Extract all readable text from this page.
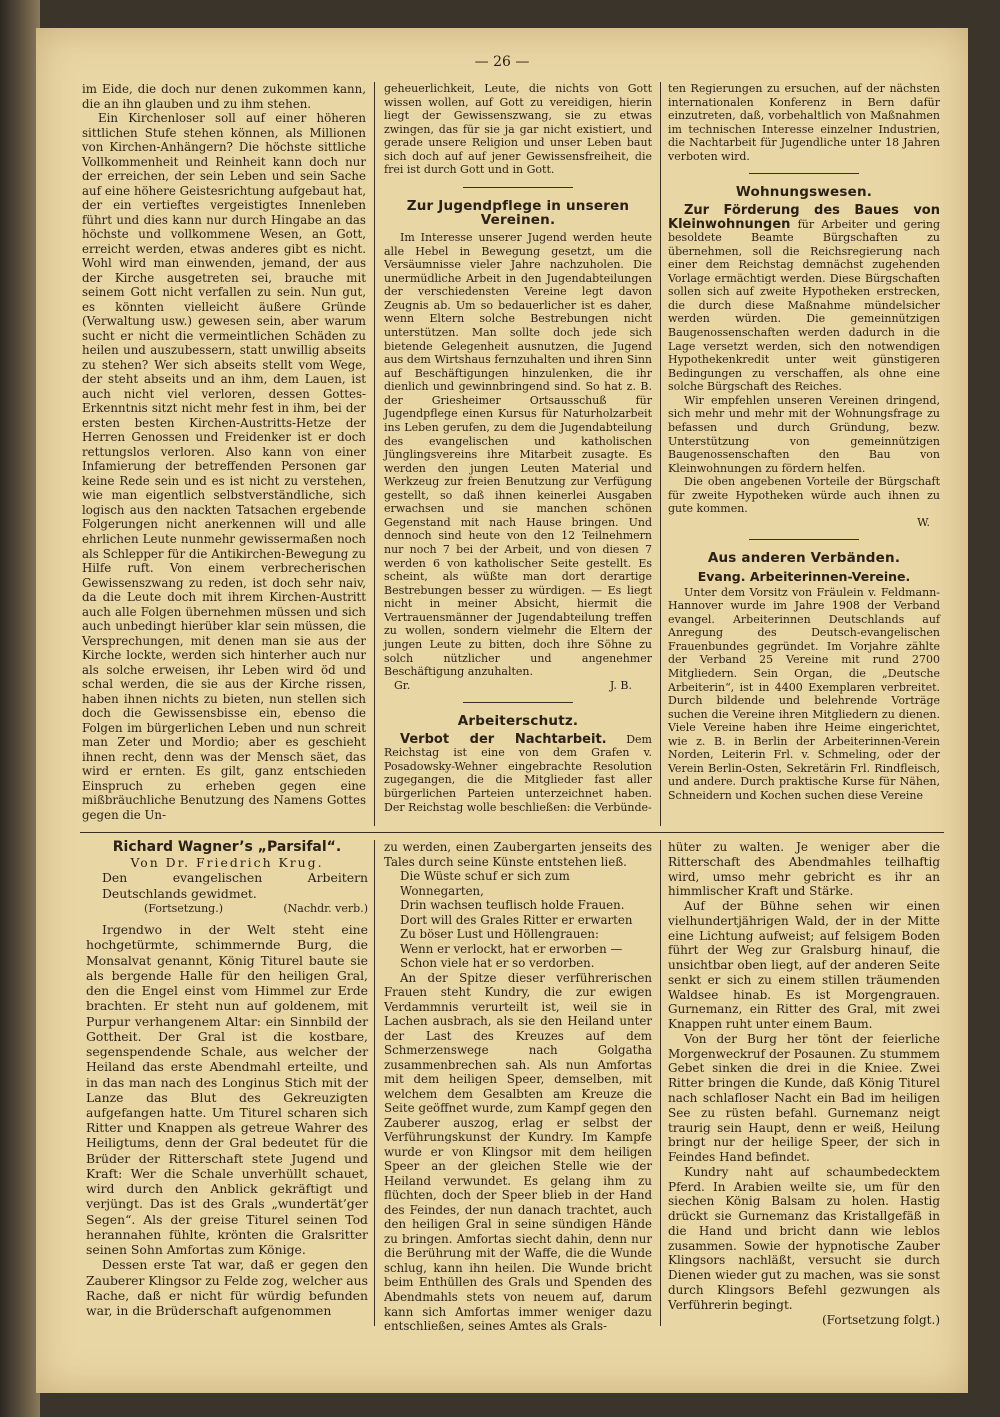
— 26 —

im Eide, die doch nur denen zukommen kann, die an ihn glauben und zu ihm stehen.

Ein Kirchenloser soll auf einer höheren sittlichen Stufe stehen können, als Millionen von Kirchen-Anhängern? Die höchste sittliche Vollkommenheit und Reinheit kann doch nur der erreichen, der sein Leben und sein Sache auf eine höhere Geistesrichtung aufgebaut hat, der ein vertieftes vergeistigtes Innenleben führt und dies kann nur durch Hingabe an das höchste und vollkommene Wesen, an Gott, erreicht werden, etwas anderes gibt es nicht. Wohl wird man einwenden, jemand, der aus der Kirche ausgetreten sei, brauche mit seinem Gott nicht verfallen zu sein. Nun gut, es könnten vielleicht äußere Gründe (Verwaltung usw.) gewesen sein, aber warum sucht er nicht die vermeintlichen Schäden zu heilen und auszubessern, statt unwillig abseits zu stehen? Wer sich abseits stellt vom Wege, der steht abseits und an ihm, dem Lauen, ist auch nicht viel verloren, dessen Gottes-Erkenntnis sitzt nicht mehr fest in ihm, bei der ersten besten Kirchen-Austritts-Hetze der Herren Genossen und Freidenker ist er doch rettungslos verloren. Also kann von einer Infamierung der betreffenden Personen gar keine Rede sein und es ist nicht zu verstehen, wie man eigentlich selbstverständliche, sich logisch aus den nackten Tatsachen ergebende Folgerungen nicht anerkennen will und alle ehrlichen Leute nunmehr gewissermaßen noch als Schlepper für die Antikirchen-Bewegung zu Hilfe ruft. Von einem verbrecherischen Gewissenszwang zu reden, ist doch sehr naiv, da die Leute doch mit ihrem Kirchen-Austritt auch alle Folgen übernehmen müssen und sich auch unbedingt hierüber klar sein müssen, die Versprechungen, mit denen man sie aus der Kirche lockte, werden sich hinterher auch nur als solche erweisen, ihr Leben wird öd und schal werden, die sie aus der Kirche rissen, haben ihnen nichts zu bieten, nun stellen sich doch die Gewissensbisse ein, ebenso die Folgen im bürgerlichen Leben und nun schreit man Zeter und Mordio; aber es geschieht ihnen recht, denn was der Mensch säet, das wird er ernten. Es gilt, ganz entschieden Einspruch zu erheben gegen eine mißbräuchliche Benutzung des Namens Gottes gegen die Un-

geheuerlichkeit, Leute, die nichts von Gott wissen wollen, auf Gott zu vereidigen, hierin liegt der Gewissenszwang, sie zu etwas zwingen, das für sie ja gar nicht existiert, und gerade unsere Religion und unser Leben baut sich doch auf auf jener Gewissensfreiheit, die frei ist durch Gott und in Gott.

Zur Jugendpflege in unseren Vereinen.

Im Interesse unserer Jugend werden heute alle Hebel in Bewegung gesetzt, um die Versäumnisse vieler Jahre nachzuholen. Die unermüdliche Arbeit in den Jugendabteilungen der verschiedensten Vereine legt davon Zeugnis ab. Um so bedauerlicher ist es daher, wenn Eltern solche Bestrebungen nicht unterstützen. Man sollte doch jede sich bietende Gelegenheit ausnutzen, die Jugend aus dem Wirtshaus fernzuhalten und ihren Sinn auf Beschäftigungen hinzulenken, die ihr dienlich und gewinnbringend sind. So hat z. B. der Griesheimer Ortsausschuß für Jugendpflege einen Kursus für Naturholzarbeit ins Leben gerufen, zu dem die Jugendabteilung des evangelischen und katholischen Jünglingsvereins ihre Mitarbeit zusagte. Es werden den jungen Leuten Material und Werkzeug zur freien Benutzung zur Verfügung gestellt, so daß ihnen keinerlei Ausgaben erwachsen und sie manchen schönen Gegenstand mit nach Hause bringen. Und dennoch sind heute von den 12 Teilnehmern nur noch 7 bei der Arbeit, und von diesen 7 werden 6 von katholischer Seite gestellt. Es scheint, als wüßte man dort derartige Bestrebungen besser zu würdigen. — Es liegt nicht in meiner Absicht, hiermit die Vertrauensmänner der Jugendabteilung treffen zu wollen, sondern vielmehr die Eltern der jungen Leute zu bitten, doch ihre Söhne zu solch nützlicher und angenehmer Beschäftigung anzuhalten.

Gr.	J. B.
Arbeiterschutz.

Verbot der Nachtarbeit. Dem Reichstag ist eine von dem Grafen v. Posadowsky-Wehner eingebrachte Resolution zugegangen, die die Mitglieder fast aller bürgerlichen Parteien unterzeichnet haben. Der Reichstag wolle beschließen: die Verbünde-

ten Regierungen zu ersuchen, auf der nächsten internationalen Konferenz in Bern dafür einzutreten, daß, vorbehaltlich von Maßnahmen im technischen Interesse einzelner Industrien, die Nachtarbeit für Jugendliche unter 18 Jahren verboten wird.

Wohnungswesen.

Zur Förderung des Baues von Kleinwohnungen für Arbeiter und gering besoldete Beamte Bürgschaften zu übernehmen, soll die Reichsregierung nach einer dem Reichstag demnächst zugehenden Vorlage ermächtigt werden. Diese Bürgschaften sollen sich auf zweite Hypotheken erstrecken, die durch diese Maßnahme mündelsicher werden würden. Die gemeinnützigen Baugenossenschaften werden dadurch in die Lage versetzt werden, sich den notwendigen Hypothekenkredit unter weit günstigeren Bedingungen zu verschaffen, als ohne eine solche Bürgschaft des Reiches.

Wir empfehlen unseren Vereinen dringend, sich mehr und mehr mit der Wohnungsfrage zu befassen und durch Gründung, bezw. Unterstützung von gemeinnützigen Baugenossenschaften den Bau von Kleinwohnungen zu fördern helfen.

Die oben angebenen Vorteile der Bürgschaft für zweite Hypotheken würde auch ihnen zu gute kommen.

W.
Aus anderen Verbänden.
Evang. Arbeiterinnen-Vereine.

Unter dem Vorsitz von Fräulein v. Feldmann-Hannover wurde im Jahre 1908 der Verband evangel. Arbeiterinnen Deutschlands auf Anregung des Deutsch-evangelischen Frauenbundes gegründet. Im Vorjahre zählte der Verband 25 Vereine mit rund 2700 Mitgliedern. Sein Organ, die „Deutsche Arbeiterin“, ist in 4400 Exemplaren verbreitet. Durch bildende und belehrende Vorträge suchen die Vereine ihren Mitgliedern zu dienen. Viele Vereine haben ihre Heime eingerichtet, wie z. B. in Berlin der Arbeiterinnen-Verein Norden, Leiterin Frl. v. Schmeling, oder der Verein Berlin-Osten, Sekretärin Frl. Rindfleisch, und andere. Durch praktische Kurse für Nähen, Schneidern und Kochen suchen diese Vereine

Richard Wagner’s „Parsifal“.
Von Dr. Friedrich Krug.
Den evangelischen Arbeitern Deutschlands gewidmet.
(Fortsetzung.)	(Nachdr. verb.)

Irgendwo in der Welt steht eine hochgetürmte, schimmernde Burg, die Monsalvat genannt, König Titurel baute sie als bergende Halle für den heiligen Gral, den die Engel einst vom Himmel zur Erde brachten. Er steht nun auf goldenem, mit Purpur verhangenem Altar: ein Sinnbild der Gottheit. Der Gral ist die kostbare, segenspendende Schale, aus welcher der Heiland das erste Abendmahl erteilte, und in das man nach des Longinus Stich mit der Lanze das Blut des Gekreuzigten aufgefangen hatte. Um Titurel scharen sich Ritter und Knappen als getreue Wahrer des Heiligtums, denn der Gral bedeutet für die Brüder der Ritterschaft stete Jugend und Kraft: Wer die Schale unverhüllt schauet, wird durch den Anblick gekräftigt und verjüngt. Das ist des Grals „wundertät’ger Segen“. Als der greise Titurel seinen Tod herannahen fühlte, krönten die Gralsritter seinen Sohn Amfortas zum Könige.

Dessen erste Tat war, daß er gegen den Zauberer Klingsor zu Felde zog, welcher aus Rache, daß er nicht für würdig befunden war, in die Brüderschaft aufgenommen

zu werden, einen Zaubergarten jenseits des Tales durch seine Künste entstehen ließ.

Die Wüste schuf er sich zum Wonnegarten,
Drin wachsen teuflisch holde Frauen.
Dort will des Grales Ritter er erwarten
Zu böser Lust und Höllengrauen:
Wenn er verlockt, hat er erworben —
Schon viele hat er so verdorben.

An der Spitze dieser verführerischen Frauen steht Kundry, die zur ewigen Verdammnis verurteilt ist, weil sie in Lachen ausbrach, als sie den Heiland unter der Last des Kreuzes auf dem Schmerzenswege nach Golgatha zusammenbrechen sah. Als nun Amfortas mit dem heiligen Speer, demselben, mit welchem dem Gesalbten am Kreuze die Seite geöffnet wurde, zum Kampf gegen den Zauberer auszog, erlag er selbst der Verführungskunst der Kundry. Im Kampfe wurde er von Klingsor mit dem heiligen Speer an der gleichen Stelle wie der Heiland verwundet. Es gelang ihm zu flüchten, doch der Speer blieb in der Hand des Feindes, der nun danach trachtet, auch den heiligen Gral in seine sündigen Hände zu bringen. Amfortas siecht dahin, denn nur die Berührung mit der Waffe, die die Wunde schlug, kann ihn heilen. Die Wunde bricht beim Enthüllen des Grals und Spenden des Abendmahls stets von neuem auf, darum kann sich Amfortas immer weniger dazu entschließen, seines Amtes als Grals-

hüter zu walten. Je weniger aber die Ritterschaft des Abendmahles teilhaftig wird, umso mehr gebricht es ihr an himmlischer Kraft und Stärke.

Auf der Bühne sehen wir einen vielhundertjährigen Wald, der in der Mitte eine Lichtung aufweist; auf felsigem Boden führt der Weg zur Gralsburg hinauf, die unsichtbar oben liegt, auf der anderen Seite senkt er sich zu einem stillen träumenden Waldsee hinab. Es ist Morgengrauen. Gurnemanz, ein Ritter des Gral, mit zwei Knappen ruht unter einem Baum.

Von der Burg her tönt der feierliche Morgenweckruf der Posaunen. Zu stummem Gebet sinken die drei in die Kniee. Zwei Ritter bringen die Kunde, daß König Titurel nach schlafloser Nacht ein Bad im heiligen See zu rüsten befahl. Gurnemanz neigt traurig sein Haupt, denn er weiß, Heilung bringt nur der heilige Speer, der sich in Feindes Hand befindet.

Kundry naht auf schaumbedecktem Pferd. In Arabien weilte sie, um für den siechen König Balsam zu holen. Hastig drückt sie Gurnemanz das Kristallgefäß in die Hand und bricht dann wie leblos zusammen. Sowie der hypnotische Zauber Klingsors nachläßt, versucht sie durch Dienen wieder gut zu machen, was sie sonst durch Klingsors Befehl gezwungen als Verführerin begingt.

(Fortsetzung folgt.)
